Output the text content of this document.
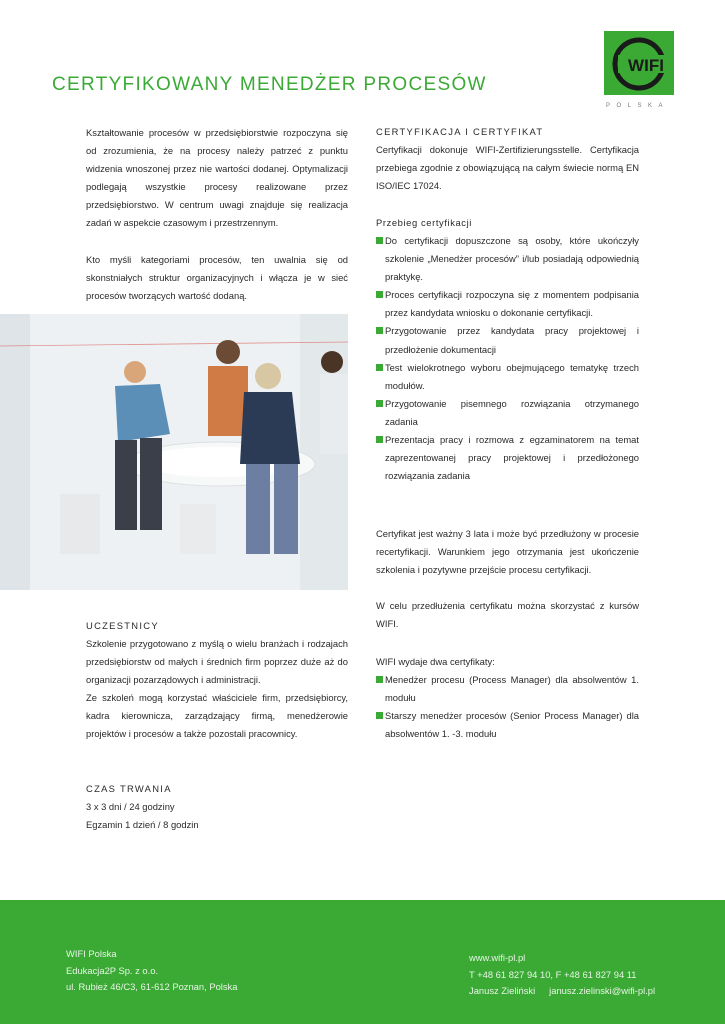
WIFI
POLSKA
CERTYFIKOWANY MENEDŻER PROCESÓW
Kształtowanie procesów w przedsiębiorstwie rozpoczyna się od zrozumienia, że na procesy należy patrzeć z punktu widzenia wnoszonej przez nie wartości dodanej. Optymalizacji podlegają wszystkie procesy realizowane przez przedsiębiorstwo. W centrum uwagi znajduje się realizacja zadań w aspekcie czasowym i przestrzennym.
Kto myśli kategoriami procesów, ten uwalnia się od skonstniałych struktur organizacyjnych i włącza je w sieć procesów tworzących wartość dodaną.
UCZESTNICY
Szkolenie przygotowano z myślą o wielu branżach i rodzajach przedsiębiorstw od małych i średnich firm poprzez duże aż do organizacji pozarządowych i administracji.
Ze szkoleń mogą korzystać właściciele firm, przedsiębiorcy, kadra kierownicza, zarządzający firmą, menedżerowie projektów i procesów a także pozostali pracownicy.
CZAS TRWANIA
3 x 3 dni / 24 godziny
Egzamin 1 dzień / 8 godzin
CERTYFIKACJA I CERTYFIKAT
Certyfikacji dokonuje WIFI-Zertifizierungsstelle. Certyfikacja przebiega zgodnie z obowiązującą na całym świecie normą EN ISO/IEC 17024.
Przebieg certyfikacji
Do certyfikacji dopuszczone są osoby, które ukończyły szkolenie „Menedżer procesów” i/lub posiadają odpowiednią praktykę.
Proces certyfikacji rozpoczyna się z momentem podpisania przez kandydata wniosku o dokonanie certyfikacji.
Przygotowanie przez kandydata pracy projektowej i przedłożenie dokumentacji
Test wielokrotnego wyboru obejmującego tematykę trzech modułów.
Przygotowanie pisemnego rozwiązania otrzymanego zadania
Prezentacja pracy i rozmowa z egzaminatorem na temat zaprezentowanej pracy projektowej i przedłożonego rozwiązania zadania
Certyfikat jest ważny 3 lata i może być przedłużony w procesie recertyfikacji. Warunkiem jego otrzymania jest ukończenie szkolenia i pozytywne przejście procesu certyfikacji.
W celu przedłużenia certyfikatu można skorzystać z kursów WIFI.
WIFI wydaje dwa certyfikaty:
Menedżer procesu (Process Manager) dla absolwentów 1. modułu
Starszy menedżer procesów (Senior Process Manager) dla absolwentów 1. -3. modułu
WIFI Polska
Edukacja2P Sp. z o.o.
ul. Rubież 46/C3, 61-612 Poznan, Polska
www.wifi-pl.pl
T +48 61 827 94 10, F +48 61 827 94 11
Janusz Zieliński janusz.zielinski@wifi-pl.pl
